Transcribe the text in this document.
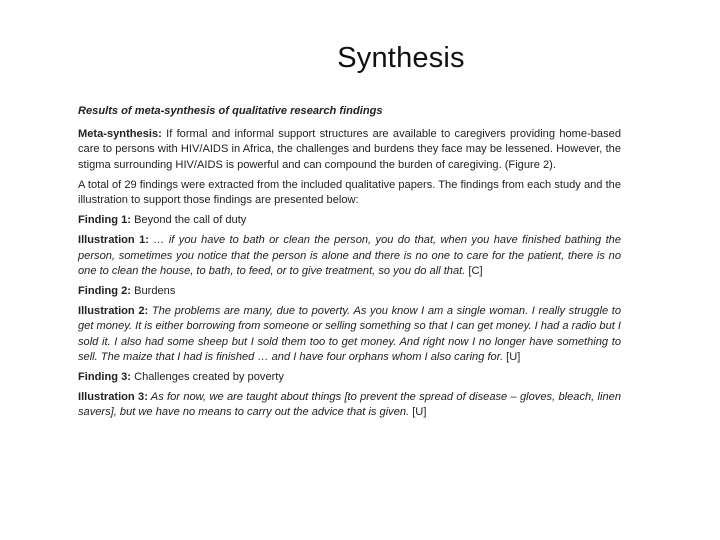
Synthesis

Results of meta-synthesis of qualitative research findings

Meta-synthesis: If formal and informal support structures are available to caregivers providing home-based care to persons with HIV/AIDS in Africa, the challenges and burdens they face may be lessened. However, the stigma surrounding HIV/AIDS is powerful and can compound the burden of caregiving. (Figure 2).

A total of 29 findings were extracted from the included qualitative papers. The findings from each study and the illustration to support those findings are presented below:

Finding 1: Beyond the call of duty

Illustration 1: … if you have to bath or clean the person, you do that, when you have finished bathing the person, sometimes you notice that the person is alone and there is no one to care for the patient, there is no one to clean the house, to bath, to feed, or to give treatment, so you do all that. [C]

Finding 2: Burdens

Illustration 2: The problems are many, due to poverty. As you know I am a single woman. I really struggle to get money. It is either borrowing from someone or selling something so that I can get money. I had a radio but I sold it. I also had some sheep but I sold them too to get money. And right now I no longer have something to sell. The maize that I had is finished … and I have four orphans whom I also caring for. [U]

Finding 3: Challenges created by poverty

Illustration 3: As for now, we are taught about things [to prevent the spread of disease – gloves, bleach, linen savers], but we have no means to carry out the advice that is given. [U]
